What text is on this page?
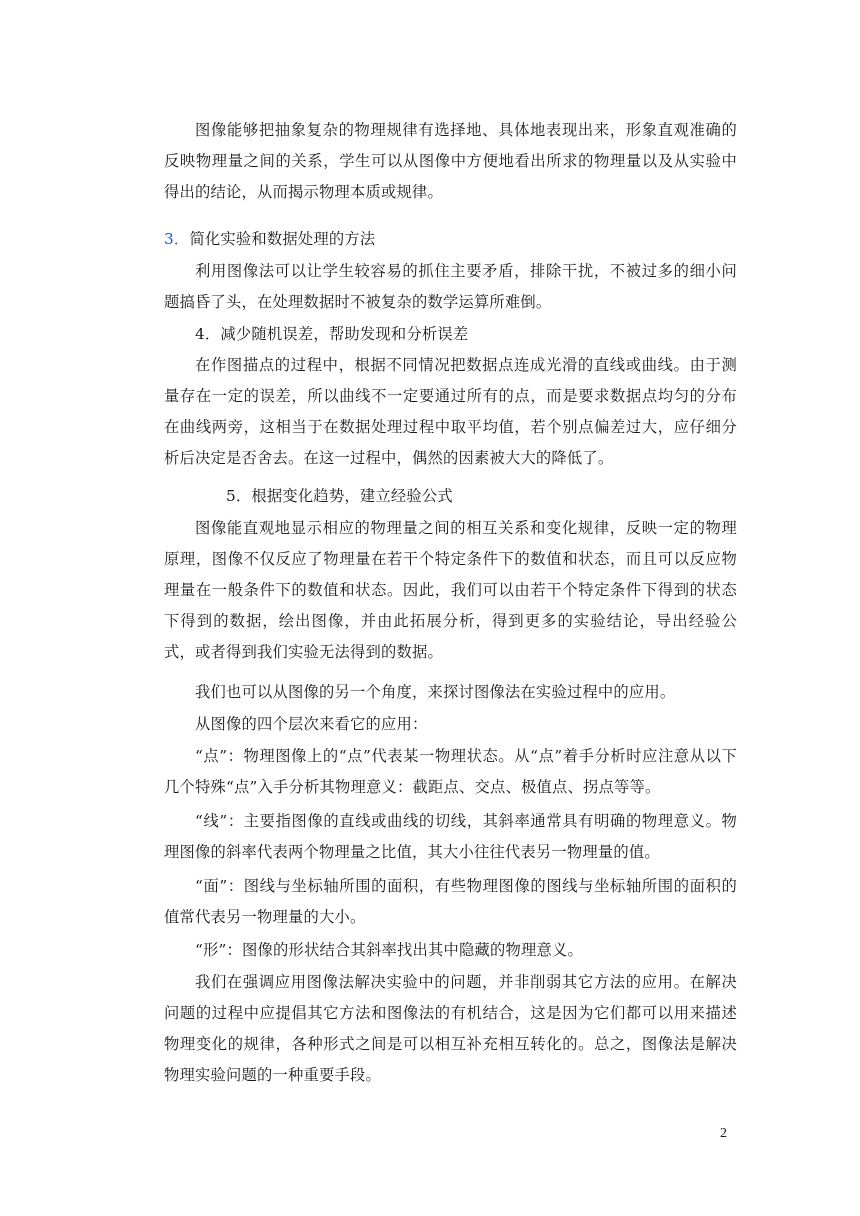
图像能够把抽象复杂的物理规律有选择地、具体地表现出来，形象直观准确的反映物理量之间的关系，学生可以从图像中方便地看出所求的物理量以及从实验中得出的结论，从而揭示物理本质或规律。

3．简化实验和数据处理的方法

利用图像法可以让学生较容易的抓住主要矛盾，排除干扰，不被过多的细小问题搞昏了头，在处理数据时不被复杂的数学运算所难倒。

4．减少随机误差，帮助发现和分析误差

在作图描点的过程中，根据不同情况把数据点连成光滑的直线或曲线。由于测量存在一定的误差，所以曲线不一定要通过所有的点，而是要求数据点均匀的分布在曲线两旁，这相当于在数据处理过程中取平均值，若个别点偏差过大，应仔细分析后决定是否舍去。在这一过程中，偶然的因素被大大的降低了。

5．根据变化趋势，建立经验公式

图像能直观地显示相应的物理量之间的相互关系和变化规律，反映一定的物理原理，图像不仅反应了物理量在若干个特定条件下的数值和状态，而且可以反应物理量在一般条件下的数值和状态。因此，我们可以由若干个特定条件下得到的状态下得到的数据，绘出图像，并由此拓展分析，得到更多的实验结论，导出经验公式，或者得到我们实验无法得到的数据。

我们也可以从图像的另一个角度，来探讨图像法在实验过程中的应用。

从图像的四个层次来看它的应用：

“点”：物理图像上的“点”代表某一物理状态。从“点”着手分析时应注意从以下几个特殊“点”入手分析其物理意义：截距点、交点、极值点、拐点等等。

“线”：主要指图像的直线或曲线的切线，其斜率通常具有明确的物理意义。物理图像的斜率代表两个物理量之比值，其大小往往代表另一物理量的值。

“面”：图线与坐标轴所围的面积，有些物理图像的图线与坐标轴所围的面积的值常代表另一物理量的大小。

“形”：图像的形状结合其斜率找出其中隐藏的物理意义。

我们在强调应用图像法解决实验中的问题，并非削弱其它方法的应用。在解决问题的过程中应提倡其它方法和图像法的有机结合，这是因为它们都可以用来描述物理变化的规律，各种形式之间是可以相互补充相互转化的。总之，图像法是解决物理实验问题的一种重要手段。

2
